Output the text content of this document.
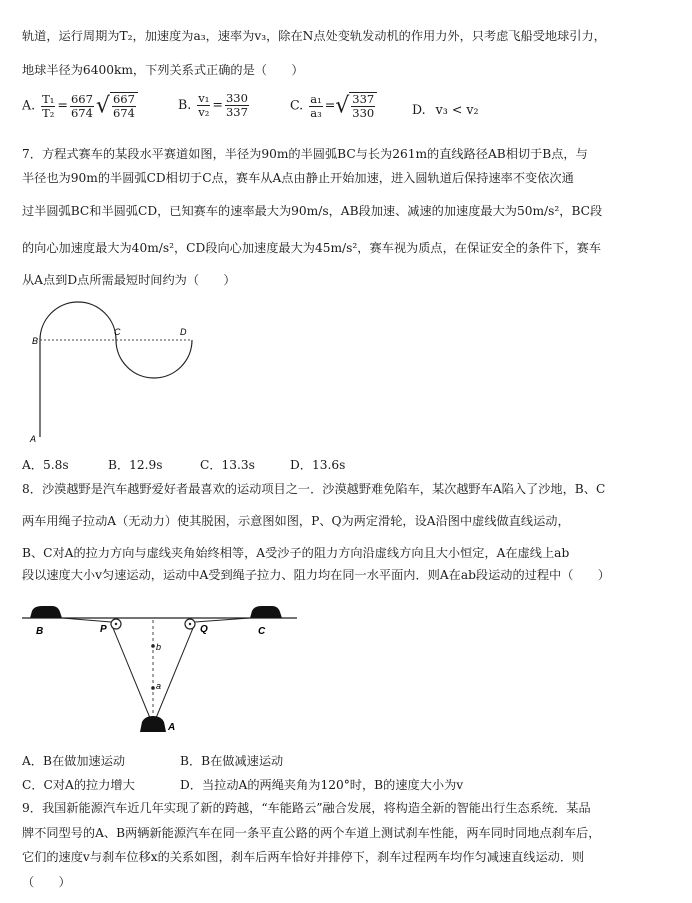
轨道，运行周期为T₂，加速度为a₃，速率为v₃，除在N点处变轨发动机的作用力外，只考虑飞船受地球引力，
地球半径为6400km，下列关系式正确的是（　　）
A. $\frac{\text{T₁}}{\text{T₂}} = \frac{667}{674}$ √ $\frac{667}{674}$	B. $\frac{\text{v₁}}{\text{v₂}} = \frac{330}{337}$	C. $\frac{\text{a₁}}{\text{a₃}}$ =√ $\frac{337}{330}$	D. v₃ < v₂
7．方程式赛车的某段水平赛道如图，半径为90m的半圆弧BC与长为261m的直线路径AB相切于B点，与
半径也为90m的半圆弧CD相切于C点，赛车从A点由静止开始加速，进入圆轨道后保持速率不变依次通
过半圆弧BC和半圆弧CD，已知赛车的速率最大为90m/s，AB段加速、减速的加速度最大为50m/s²，BC段
的向心加速度最大为40m/s²，CD段向心加速度最大为45m/s²，赛车视为质点，在保证安全的条件下，赛车
从A点到D点所需最短时间约为（　　）
A
B
C	D
A．5.8s	B．12.9s	C．13.3s	D．13.6s
8．沙漠越野是汽车越野爱好者最喜欢的运动项目之一．沙漠越野难免陷车，某次越野车A陷入了沙地，B、C
两车用绳子拉动A（无动力）使其脱困，示意图如图，P、Q为两定滑轮，设A沿图中虚线做直线运动，
B、C对A的拉力方向与虚线夹角始终相等，A受沙子的阻力方向沿虚线方向且大小恒定，A在虚线上ab
段以速度大小v匀速运动，运动中A受到绳子拉力、阻力均在同一水平面内．则A在ab段运动的过程中（　　）
B	P	Q	C
b
a
A
A．B在做加速运动	B．B在做减速运动
C．C对A的拉力增大	D．当拉动A的两绳夹角为120°时，B的速度大小为v
9．我国新能源汽车近几年实现了新的跨越，“车能路云”融合发展，将构造全新的智能出行生态系统．某品
牌不同型号的A、B两辆新能源汽车在同一条平直公路的两个车道上测试刹车性能，两车同时同地点刹车后，
它们的速度v与刹车位移x的关系如图，刹车后两车恰好并排停下，刹车过程两车均作匀减速直线运动．则
（　　）
